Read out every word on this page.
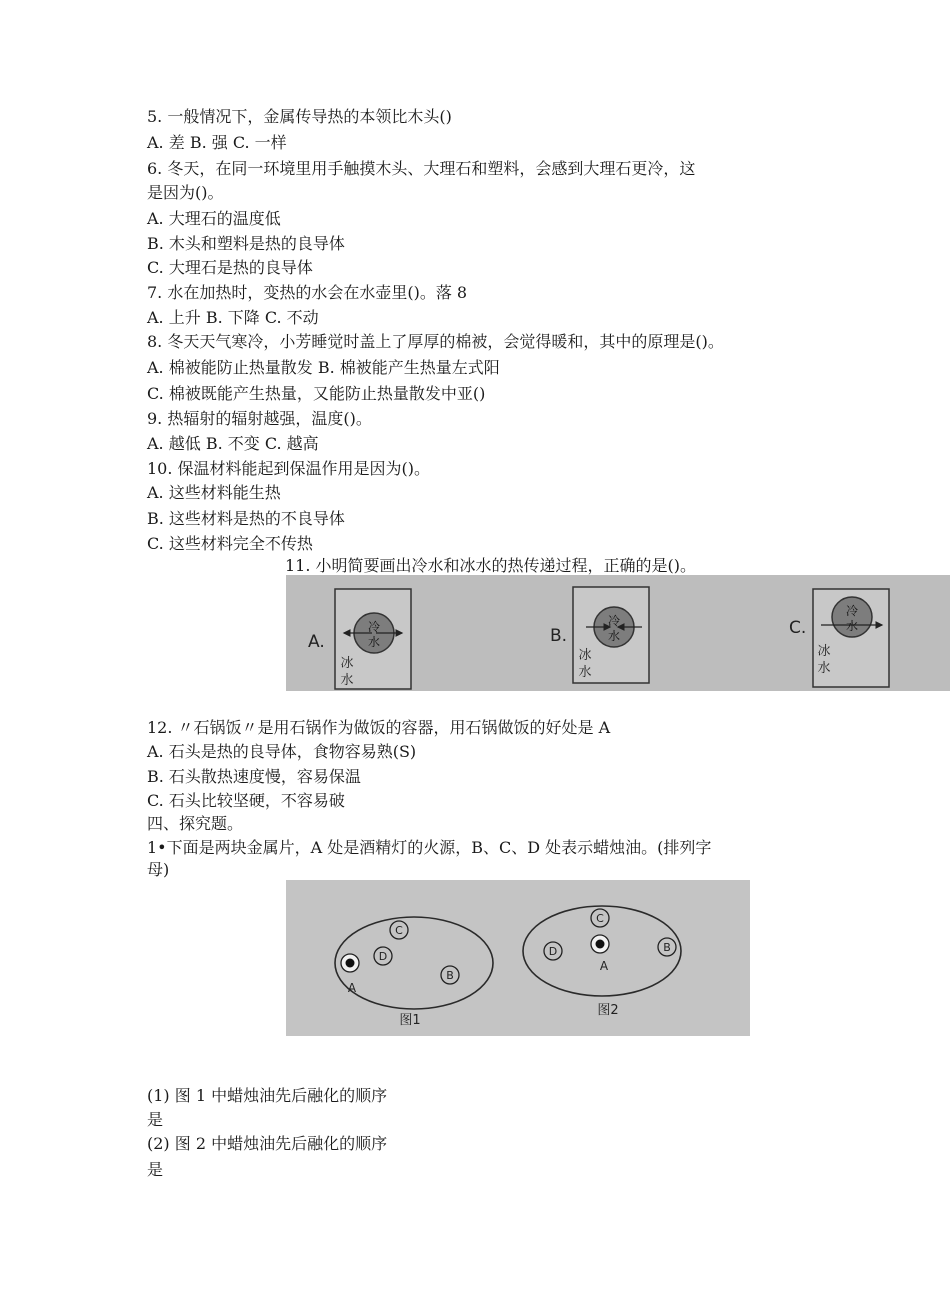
5. 一般情况下，金属传导热的本领比木头()
A. 差 B. 强 C. 一样
6. 冬天，在同一环境里用手触摸木头、大理石和塑料，会感到大理石更冷，这
是因为()。
A. 大理石的温度低
B. 木头和塑料是热的良导体
C. 大理石是热的良导体
7. 水在加热时，变热的水会在水壶里()。落 8
A. 上升 B. 下降 C. 不动
8. 冬天天气寒冷，小芳睡觉时盖上了厚厚的棉被，会觉得暖和，其中的原理是()。
A. 棉被能防止热量散发 B. 棉被能产生热量左式阳
C. 棉被既能产生热量，又能防止热量散发中亚()
9. 热辐射的辐射越强，温度()。
A. 越低 B. 不变 C. 越高
10. 保温材料能起到保温作用是因为()。
A. 这些材料能生热
B. 这些材料是热的不良导体
C. 这些材料完全不传热
11. 小明简要画出冷水和冰水的热传递过程，正确的是()。
冷
水
冰
水
A.
冷
水
冰
水
B.
冷
水
冰
水
C.
12. 〃石锅饭〃是用石锅作为做饭的容器，用石锅做饭的好处是 A
A. 石头是热的良导体，食物容易熟(S)
B. 石头散热速度慢，容易保温
C. 石头比较坚硬，不容易破
四、探究题。
1•下面是两块金属片，A 处是酒精灯的火源，B、C、D 处表示蜡烛油。(排列字
母)
A
D
C
B
图1
C
A
D	B
图2
(1) 图 1 中蜡烛油先后融化的顺序
是
(2) 图 2 中蜡烛油先后融化的顺序
是
